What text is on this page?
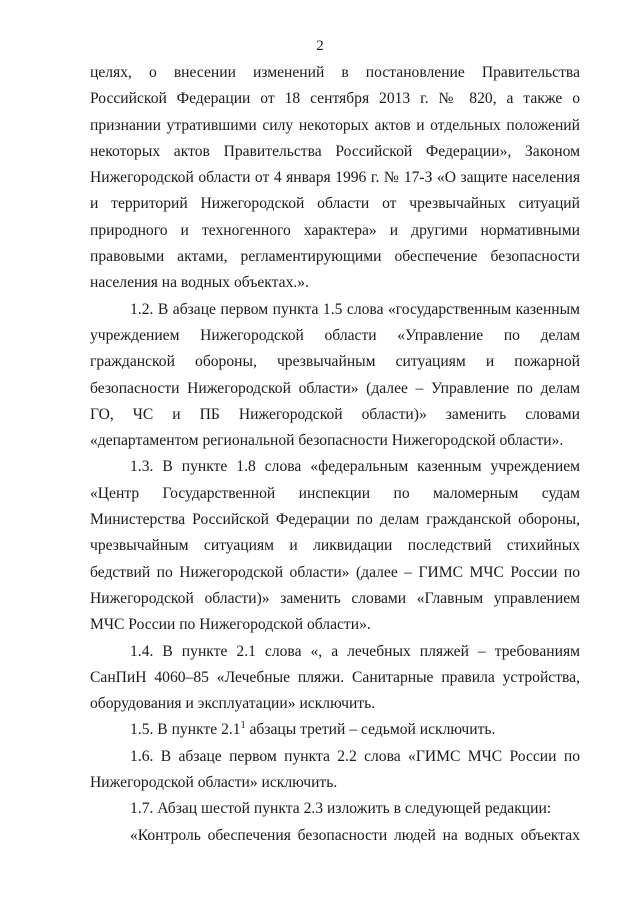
2

целях, о внесении изменений в постановление Правительства Российской Федерации от 18 сентября 2013 г. № 820, а также о признании утратившими силу некоторых актов и отдельных положений некоторых актов Правительства Российской Федерации», Законом Нижегородской области от 4 января 1996 г. № 17-З «О защите населения и территорий Нижегородской области от чрезвычайных ситуаций природного и техногенного характера» и другими нормативными правовыми актами, регламентирующими обеспечение безопасности населения на водных объектах.».

1.2. В абзаце первом пункта 1.5 слова «государственным казенным учреждением Нижегородской области «Управление по делам гражданской обороны, чрезвычайным ситуациям и пожарной безопасности Нижегородской области» (далее – Управление по делам ГО, ЧС и ПБ Нижегородской области)» заменить словами «департаментом региональной безопасности Нижегородской области».

1.3. В пункте 1.8 слова «федеральным казенным учреждением «Центр Государственной инспекции по маломерным судам Министерства Российской Федерации по делам гражданской обороны, чрезвычайным ситуациям и ликвидации последствий стихийных бедствий по Нижегородской области» (далее – ГИМС МЧС России по Нижегородской области)» заменить словами «Главным управлением МЧС России по Нижегородской области».

1.4. В пункте 2.1 слова «, а лечебных пляжей – требованиям СанПиН 4060–85 «Лечебные пляжи. Санитарные правила устройства, оборудования и эксплуатации» исключить.

1.5. В пункте $2.1^1$ абзацы третий – седьмой исключить.

1.6. В абзаце первом пункта 2.2 слова «ГИМС МЧС России по Нижегородской области» исключить.

1.7. Абзац шестой пункта 2.3 изложить в следующей редакции:

«Контроль обеспечения безопасности людей на водных объектах
